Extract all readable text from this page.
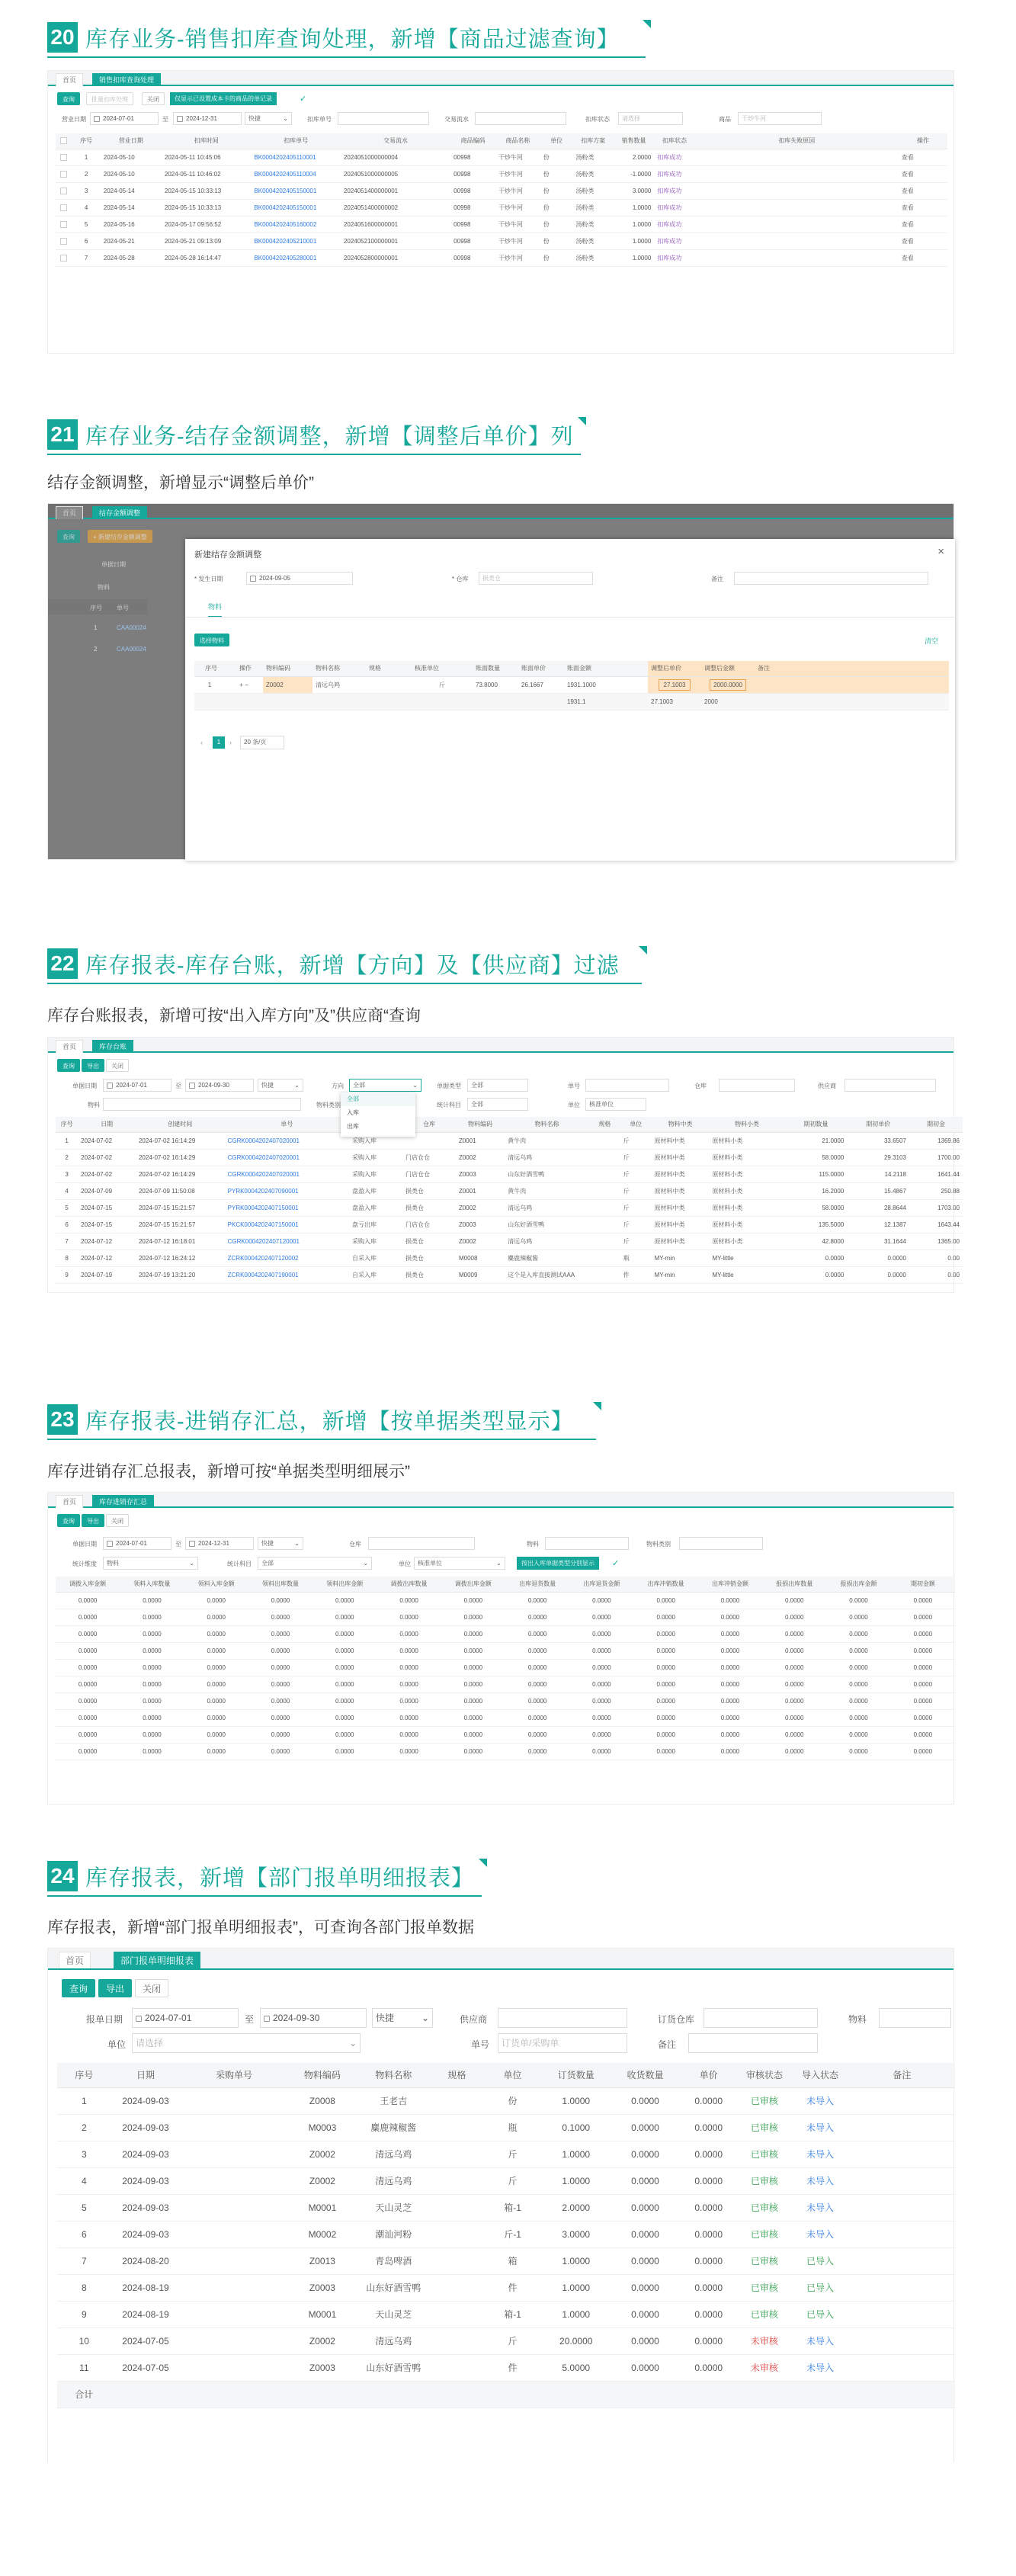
20 库存业务-销售扣库查询处理，新增【商品过滤查询】
首页	销售扣库查询处理
查询	批量扣库处理	关闭	仅显示已设置成本卡的商品的单记录	✓
营业日期	2024-07-01	至	2024-12-31	快捷	⌄	扣库单号	交易流水	扣库状态	请选择	商品	干炒牛河
	序号	营业日期	扣库时间	扣库单号	交易流水	商品编码	商品名称	单位	扣库方案	销售数量	扣库状态	扣库失败原因	操作
	1	2024-05-10	2024-05-11 10:45:06	BK0004202405110001	2024051000000004	00998	干炒牛河	份	汤粉类	2.0000	扣库成功		查看
	2	2024-05-10	2024-05-11 10:46:02	BK0004202405110004	2024051000000005	00998	干炒牛河	份	汤粉类	-1.0000	扣库成功		查看
	3	2024-05-14	2024-05-15 10:33:13	BK0004202405150001	2024051400000001	00998	干炒牛河	份	汤粉类	3.0000	扣库成功		查看
	4	2024-05-14	2024-05-15 10:33:13	BK0004202405150001	2024051400000002	00998	干炒牛河	份	汤粉类	1.0000	扣库成功		查看
	5	2024-05-16	2024-05-17 09:56:52	BK0004202405160002	2024051600000001	00998	干炒牛河	份	汤粉类	1.0000	扣库成功		查看
	6	2024-05-21	2024-05-21 09:13:09	BK0004202405210001	2024052100000001	00998	干炒牛河	份	汤粉类	1.0000	扣库成功		查看
	7	2024-05-28	2024-05-28 16:14:47	BK0004202405280001	2024052800000001	00998	干炒牛河	份	汤粉类	1.0000	扣库成功		查看
21 库存业务-结存金额调整，新增【调整后单价】列
结存金额调整，新增显示“调整后单价”
首页	结存金额调整
查询	+ 新建结存金额调整
单据日期
物料
序号 单号
1	CAA00024
2	CAA00024
新建结存金额调整	×
* 发生日期	2024-09-05	* 仓库	损类仓	备注
物料
选择物料	清空
序号	操作	物料编码	物料名称	规格	核准单位	账面数量	账面单价	账面金额	调整后单价	调整后金额	备注
1	+ −	Z0002	清远乌鸡		斤	73.8000	26.1667	1931.1000	27.1003	2000.0000	
								1931.1	27.1003	2000	
‹	1	›	20 条/页
22 库存报表-库存台账，新增【方向】及【供应商】过滤
库存台账报表，新增可按“出入库方向”及”供应商“查询
首页	库存台账
查询	导出	关闭
单据日期	2024-07-01	至	2024-09-30	快捷	⌄	方向	全部	⌄	单据类型	全部	单号	仓库	供应商
物料	物料类别	统计科目	全部	单位	核准单位
序号	日期	创建时间	单号		仓库	物料编码	物料名称	规格	单位	物料中类	物料小类	期初数量	期初单价	期初金
1	2024-07-02	2024-07-02 16:14:29	CGRK0004202407020001	采购入库		Z0001	黄牛肉		斤	原材料中类	原材料小类	21.0000	33.6507	1369.86
2	2024-07-02	2024-07-02 16:14:29	CGRK0004202407020001	采购入库	门店仓仓	Z0002	清远乌鸡		斤	原材料中类	原材料小类	58.0000	29.3103	1700.00
3	2024-07-02	2024-07-02 16:14:29	CGRK0004202407020001	采购入库	门店仓仓	Z0003	山东好酒雪鸭		斤	原材料中类	原材料小类	115.0000	14.2118	1641.44
4	2024-07-09	2024-07-09 11:50:08	PYRK0004202407090001	盘盈入库	损类仓	Z0001	黄牛肉		斤	原材料中类	原材料小类	16.2000	15.4867	250.88
5	2024-07-15	2024-07-15 15:21:57	PYRK0004202407150001	盘盈入库	损类仓	Z0002	清远乌鸡		斤	原材料中类	原材料小类	58.0000	28.8644	1703.00
6	2024-07-15	2024-07-15 15:21:57	PKCK0004202407150001	盘亏出库	门店仓仓	Z0003	山东好酒雪鸭		斤	原材料中类	原材料小类	135.5000	12.1387	1643.44
7	2024-07-12	2024-07-12 16:18:01	CGRK0004202407120001	采购入库	损类仓	Z0002	清远乌鸡		斤	原材料中类	原材料小类	42.8000	31.1644	1365.00
8	2024-07-12	2024-07-12 16:24:12	ZCRK0004202407120002	自采入库	损类仓	M0008	麋鹿辣椒酱		瓶	MY-min	MY-little	0.0000	0.0000	0.00
9	2024-07-19	2024-07-19 13:21:20	ZCRK0004202407190001	自采入库	损类仓	M0009	这个是入库直接测试AAA		件	MY-min	MY-little	0.0000	0.0000	0.00
全部
入库
出库
23 库存报表-进销存汇总，新增【按单据类型显示】
库存进销存汇总报表，新增可按“单据类型明细展示”
首页	库存进销存汇总
查询	导出	关闭
单据日期	2024-07-01	至	2024-12-31	快捷	⌄	仓库	物料	物料类别
统计维度	物料	⌄	统计科目	全部	⌄	单位	核准单位	⌄	按出入库单据类型分别显示	✓
调拨入库金额	领料入库数量	领料入库金额	领料出库数量	领料出库金额	调拨出库数量	调拨出库金额	出库退货数量	出库退货金额	出库冲销数量	出库冲销金额	报损出库数量	报损出库金额	期初金额
0.0000	0.0000	0.0000	0.0000	0.0000	0.0000	0.0000	0.0000	0.0000	0.0000	0.0000	0.0000	0.0000	0.0000
0.0000	0.0000	0.0000	0.0000	0.0000	0.0000	0.0000	0.0000	0.0000	0.0000	0.0000	0.0000	0.0000	0.0000
0.0000	0.0000	0.0000	0.0000	0.0000	0.0000	0.0000	0.0000	0.0000	0.0000	0.0000	0.0000	0.0000	0.0000
0.0000	0.0000	0.0000	0.0000	0.0000	0.0000	0.0000	0.0000	0.0000	0.0000	0.0000	0.0000	0.0000	0.0000
0.0000	0.0000	0.0000	0.0000	0.0000	0.0000	0.0000	0.0000	0.0000	0.0000	0.0000	0.0000	0.0000	0.0000
0.0000	0.0000	0.0000	0.0000	0.0000	0.0000	0.0000	0.0000	0.0000	0.0000	0.0000	0.0000	0.0000	0.0000
0.0000	0.0000	0.0000	0.0000	0.0000	0.0000	0.0000	0.0000	0.0000	0.0000	0.0000	0.0000	0.0000	0.0000
0.0000	0.0000	0.0000	0.0000	0.0000	0.0000	0.0000	0.0000	0.0000	0.0000	0.0000	0.0000	0.0000	0.0000
0.0000	0.0000	0.0000	0.0000	0.0000	0.0000	0.0000	0.0000	0.0000	0.0000	0.0000	0.0000	0.0000	0.0000
0.0000	0.0000	0.0000	0.0000	0.0000	0.0000	0.0000	0.0000	0.0000	0.0000	0.0000	0.0000	0.0000	0.0000
24 库存报表，新增【部门报单明细报表】
库存报表，新增“部门报单明细报表”，可查询各部门报单数据
首页	部门报单明细报表
查询	导出	关闭
报单日期	2024-07-01	至	2024-09-30	快捷	⌄	供应商	订货仓库	物料
单位	请选择	⌄	单号	订货单/采购单	备注
序号	日期	采购单号	物料编码	物料名称	规格	单位	订货数量	收货数量	单价	审核状态	导入状态	备注
1	2024-09-03		Z0008	王老吉		份	1.0000	0.0000	0.0000	已审核	未导入	
2	2024-09-03		M0003	麋鹿辣椒酱		瓶	0.1000	0.0000	0.0000	已审核	未导入	
3	2024-09-03		Z0002	清远乌鸡		斤	1.0000	0.0000	0.0000	已审核	未导入	
4	2024-09-03		Z0002	清远乌鸡		斤	1.0000	0.0000	0.0000	已审核	未导入	
5	2024-09-03		M0001	天山灵芝		箱-1	2.0000	0.0000	0.0000	已审核	未导入	
6	2024-09-03		M0002	潮汕河粉		斤-1	3.0000	0.0000	0.0000	已审核	未导入	
7	2024-08-20		Z0013	青岛啤酒		箱	1.0000	0.0000	0.0000	已审核	已导入	
8	2024-08-19		Z0003	山东好酒雪鸭		件	1.0000	0.0000	0.0000	已审核	已导入	
9	2024-08-19		M0001	天山灵芝		箱-1	1.0000	0.0000	0.0000	已审核	已导入	
10	2024-07-05		Z0002	清远乌鸡		斤	20.0000	0.0000	0.0000	未审核	未导入	
11	2024-07-05		Z0003	山东好酒雪鸭		件	5.0000	0.0000	0.0000	未审核	未导入	
合计												
